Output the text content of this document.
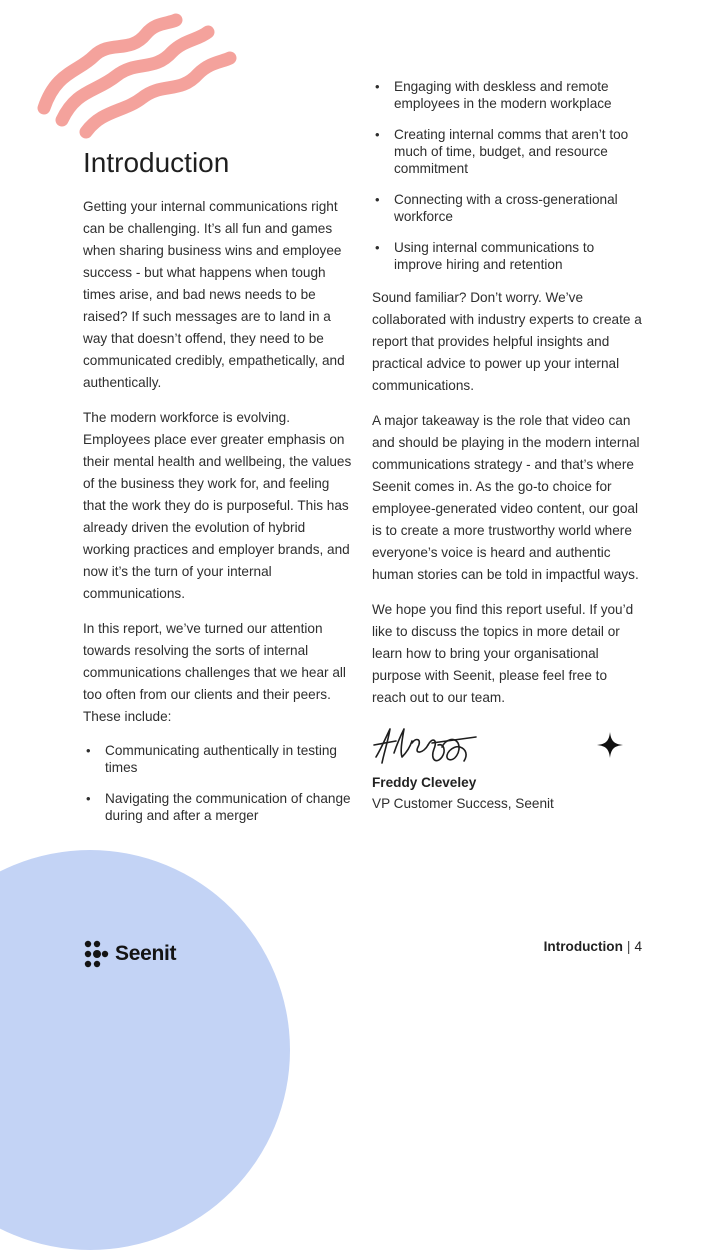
Introduction

Getting your internal communications right can be challenging. It’s all fun and games when sharing business wins and employee success - but what happens when tough times arise, and bad news needs to be raised? If such messages are to land in a way that doesn’t offend, they need to be communicated credibly, empathetically, and authentically.

The modern workforce is evolving. Employees place ever greater emphasis on their mental health and wellbeing, the values of the business they work for, and feeling that the work they do is purposeful. This has already driven the evolution of hybrid working practices and employer brands, and now it’s the turn of your internal communications.

In this report, we’ve turned our attention towards resolving the sorts of internal communications challenges that we hear all too often from our clients and their peers. These include:

• Communicating authentically in testing times
• Navigating the communication of change during and after a merger
• Engaging with deskless and remote employees in the modern workplace
• Creating internal comms that aren’t too much of time, budget, and resource commitment
• Connecting with a cross-generational workforce
• Using internal communications to improve hiring and retention

Sound familiar? Don’t worry. We’ve collaborated with industry experts to create a report that provides helpful insights and practical advice to power up your internal communications.

A major takeaway is the role that video can and should be playing in the modern internal communications strategy - and that’s where Seenit comes in. As the go-to choice for employee-generated video content, our goal is to create a more trustworthy world where everyone’s voice is heard and authentic human stories can be told in impactful ways.

We hope you find this report useful. If you’d like to discuss the topics in more detail or learn how to bring your organisational purpose with Seenit, please feel free to reach out to our team.

Freddy Cleveley
VP Customer Success, Seenit
Seenit	Introduction | 4
